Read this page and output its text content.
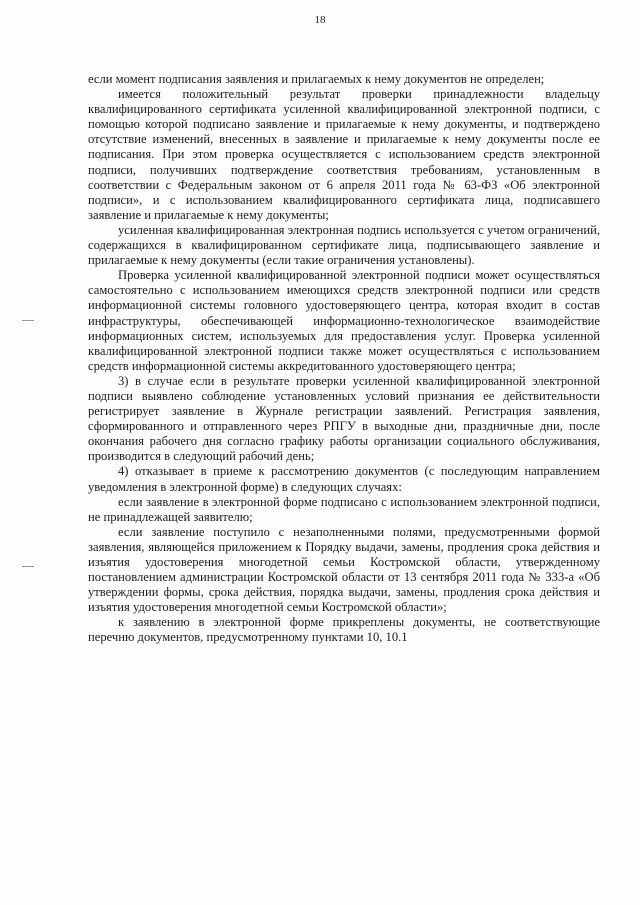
18

если момент подписания заявления и прилагаемых к нему документов не определен;

имеется положительный результат проверки принадлежности владельцу квалифицированного сертификата усиленной квалифицированной электронной подписи, с помощью которой подписано заявление и прилагаемые к нему документы, и подтверждено отсутствие изменений, внесенных в заявление и прилагаемые к нему документы после ее подписания. При этом проверка осуществляется с использованием средств электронной подписи, получивших подтверждение соответствия требованиям, установленным в соответствии с Федеральным законом от 6 апреля 2011 года № 63-ФЗ «Об электронной подписи», и с использованием квалифицированного сертификата лица, подписавшего заявление и прилагаемые к нему документы;

усиленная квалифицированная электронная подпись используется с учетом ограничений, содержащихся в квалифицированном сертификате лица, подписывающего заявление и прилагаемые к нему документы (если такие ограничения установлены).

Проверка усиленной квалифицированной электронной подписи может осуществляться самостоятельно с использованием имеющихся средств электронной подписи или средств информационной системы головного удостоверяющего центра, которая входит в состав инфраструктуры, обеспечивающей информационно-технологическое взаимодействие информационных систем, используемых для предоставления услуг. Проверка усиленной квалифицированной электронной подписи также может осуществляться с использованием средств информационной системы аккредитованного удостоверяющего центра;

3) в случае если в результате проверки усиленной квалифицированной электронной подписи выявлено соблюдение установленных условий признания ее действительности регистрирует заявление в Журнале регистрации заявлений. Регистрация заявления, сформированного и отправленного через РПГУ в выходные дни, праздничные дни, после окончания рабочего дня согласно графику работы организации социального обслуживания, производится в следующий рабочий день;

4) отказывает в приеме к рассмотрению документов (с последующим направлением уведомления в электронной форме) в следующих случаях:

если заявление в электронной форме подписано с использованием электронной подписи, не принадлежащей заявителю;

если заявление поступило с незаполненными полями, предусмотренными формой заявления, являющейся приложением к Порядку выдачи, замены, продления срока действия и изъятия удостоверения многодетной семьи Костромской области, утвержденному постановлением администрации Костромской области от 13 сентября 2011 года № 333-а «Об утверждении формы, срока действия, порядка выдачи, замены, продления срока действия и изъятия удостоверения многодетной семьи Костромской области»;

к заявлению в электронной форме прикреплены документы, не соответствующие перечню документов, предусмотренному пунктами 10, 10.1
